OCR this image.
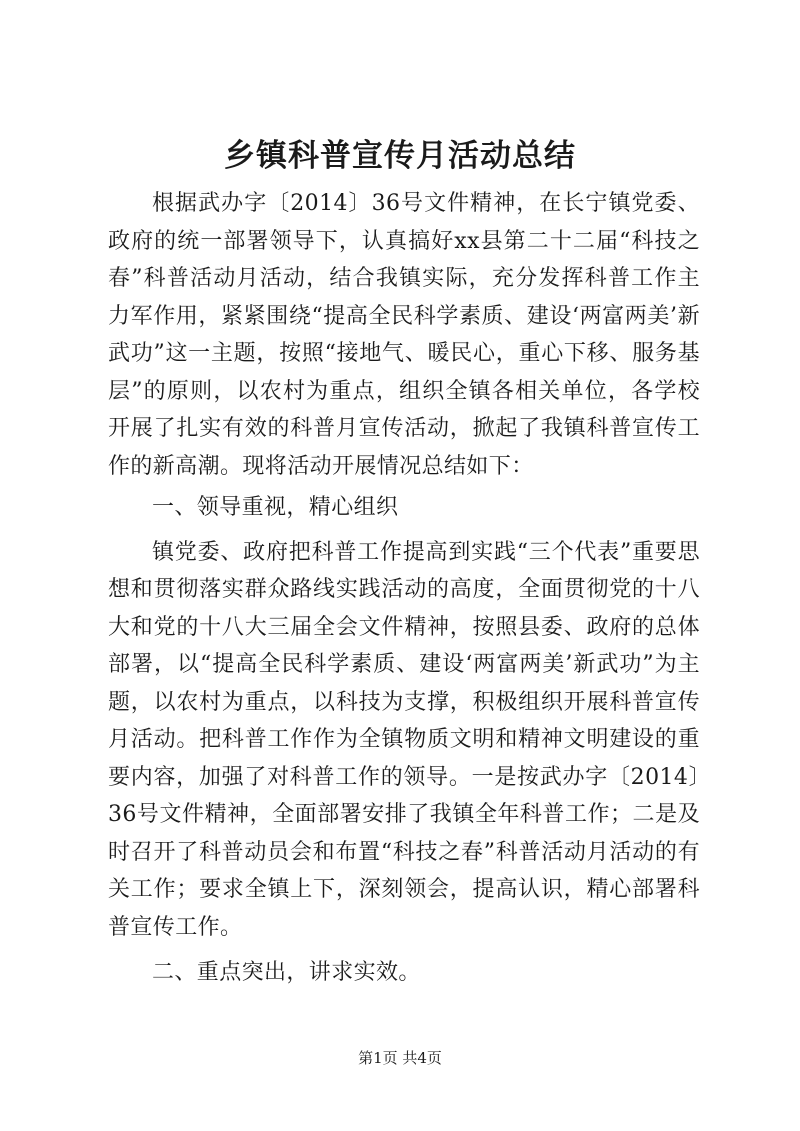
乡镇科普宣传月活动总结

根据武办字〔2014〕36号文件精神，在长宁镇党委、政府的统一部署领导下，认真搞好xx县第二十二届“科技之春”科普活动月活动，结合我镇实际，充分发挥科普工作主力军作用，紧紧围绕“提高全民科学素质、建设‘两富两美’新武功”这一主题，按照“接地气、暖民心，重心下移、服务基层”的原则，以农村为重点，组织全镇各相关单位，各学校开展了扎实有效的科普月宣传活动，掀起了我镇科普宣传工作的新高潮。现将活动开展情况总结如下：

一、领导重视，精心组织

镇党委、政府把科普工作提高到实践“三个代表”重要思想和贯彻落实群众路线实践活动的高度，全面贯彻党的十八大和党的十八大三届全会文件精神，按照县委、政府的总体部署，以“提高全民科学素质、建设‘两富两美’新武功”为主题，以农村为重点，以科技为支撑，积极组织开展科普宣传月活动。把科普工作作为全镇物质文明和精神文明建设的重要内容，加强了对科普工作的领导。一是按武办字〔2014〕36号文件精神，全面部署安排了我镇全年科普工作；二是及时召开了科普动员会和布置“科技之春”科普活动月活动的有关工作；要求全镇上下，深刻领会，提高认识，精心部署科普宣传工作。

二、重点突出，讲求实效。

第1页 共4页
